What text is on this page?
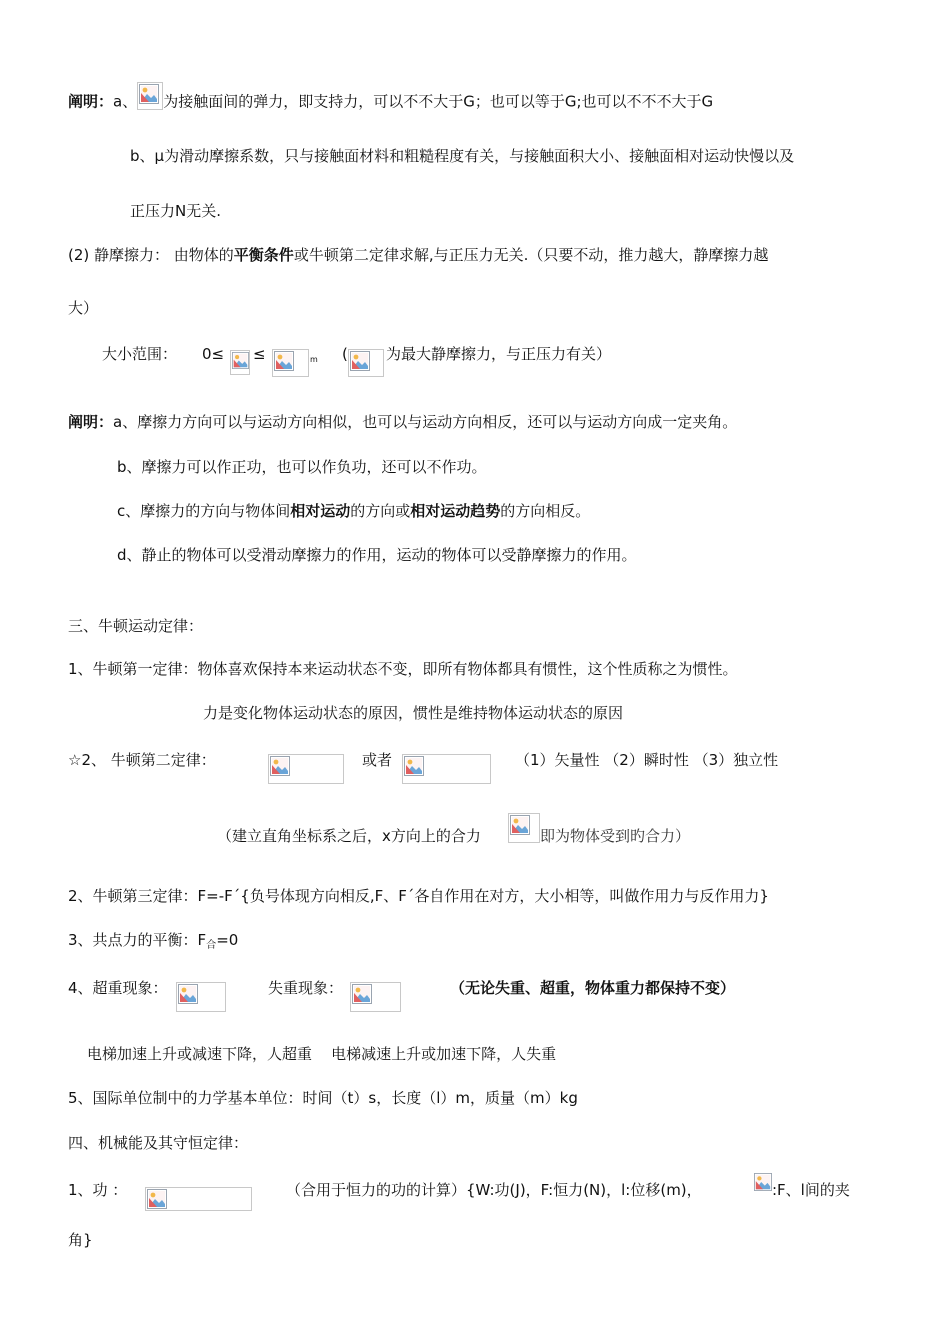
阐明：a、 为接触面间的弹力，即支持力，可以不不大于G；也可以等于G;也可以不不不大于G
b、μ为滑动摩擦系数，只与接触面材料和粗糙程度有关，与接触面积大小、接触面相对运动快慢以及
正压力N无关.
(2) 静摩擦力： 由物体的平衡条件或牛顿第二定律求解,与正压力无关.（只要不动，推力越大，静摩擦力越
大）
大小范围： 0≤ ≤	m (	为最大静摩擦力，与正压力有关）
阐明：a、摩擦力方向可以与运动方向相似，也可以与运动方向相反，还可以与运动方向成一定夹角。
b、摩擦力可以作正功，也可以作负功，还可以不作功。
c、摩擦力的方向与物体间相对运动的方向或相对运动趋势的方向相反。
d、静止的物体可以受滑动摩擦力的作用，运动的物体可以受静摩擦力的作用。
三、牛顿运动定律：
1、牛顿第一定律：物体喜欢保持本来运动状态不变，即所有物体都具有惯性，这个性质称之为惯性。
力是变化物体运动状态的原因，惯性是维持物体运动状态的原因
☆2、 牛顿第二定律：	或者	（1）矢量性 （2）瞬时性 （3）独立性
（建立直角坐标系之后，x方向上的合力	即为物体受到旳合力）
2、牛顿第三定律：F=-F´{负号体现方向相反,F、F´各自作用在对方，大小相等，叫做作用力与反作用力}
3、共点力的平衡：$F_合=0$
4、超重现象：	失重现象：	（无论失重、超重，物体重力都保持不变）
电梯加速上升或减速下降，人超重    电梯减速上升或加速下降，人失重
5、国际单位制中的力学基本单位：时间（t）s，长度（l）m，质量（m）kg
四、机械能及其守恒定律：
1、功 ：	（合用于恒力的功的计算）{W:功(J)，F:恒力(N)，l:位移(m)，	:F、l间的夹
角}
